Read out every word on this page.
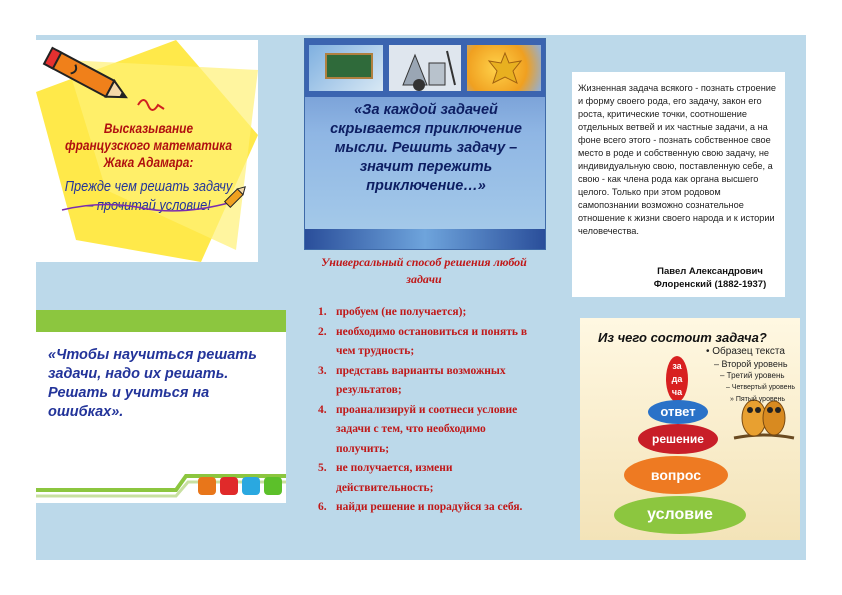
Высказывание французского математика Жака Адамара:
Прежде чем решать задачу – прочитай условие!
«За каждой задачей скрывается приключение мысли. Решить задачу – значит пережить приключение…»
Универсальный способ решения любой задачи
1. пробуем (не получается);
2. необходимо остановиться и понять в чем трудность;
3. представь варианты возможных результатов;
4. проанализируй и соотнеси условие задачи с тем, что необходимо получить;
5. не получается, измени действительность;
6. найди решение и порадуйся за себя.
Жизненная задача всякого - познать строение и форму своего рода, его задачу, закон его роста, критические точки, соотношение отдельных ветвей и их частные задачи, а на фоне всего этого - познать собственное свое место в роде и собственную свою задачу, не индивидуальную свою, поставленную себе, а свою - как члена рода как органа высшего целого. Только при этом родовом самопознании возможно сознательное отношение к жизни своего народа и к истории человечества.
Павел Александрович Флоренский (1882-1937)
«Чтобы научиться решать задачи, надо их решать. Решать и учиться на ошибках».
за
да
ча
ответ
решение
вопрос
условие
Из чего состоит задача?
• Образец текста
– Второй уровень
– Третий уровень
– Четвертый уровень
» Пятый уровень
